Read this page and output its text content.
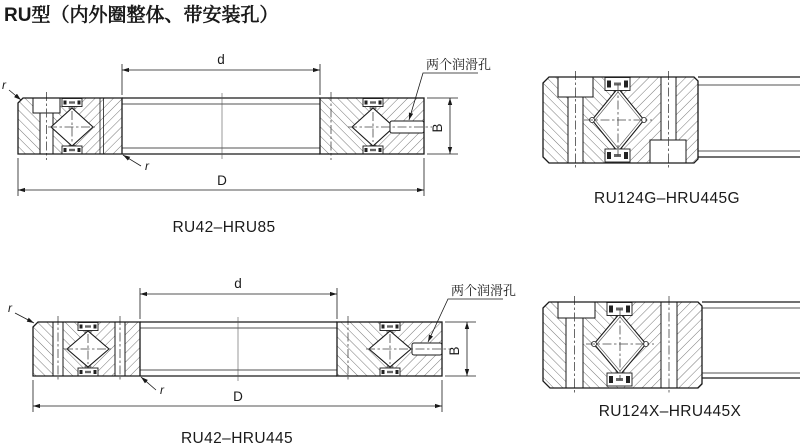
RU型（内外圈整体、带安装孔）
d
D
B
r
r
两个润滑孔
RU42–HRU85
RU124G–HRU445G
d
D
B
r
r
两个润滑孔
RU42–HRU445
RU124X–HRU445X
